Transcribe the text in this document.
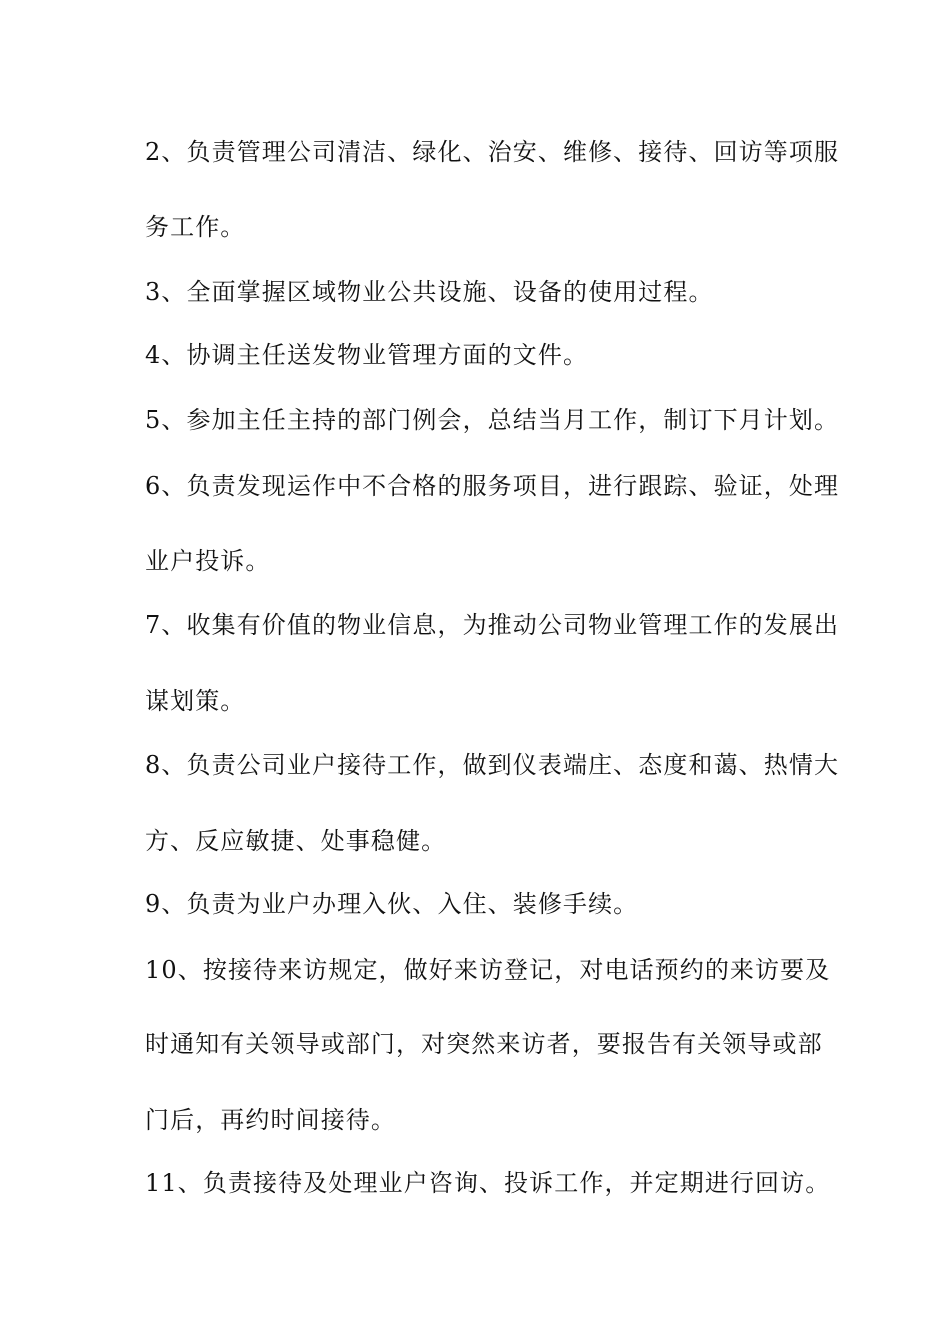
2、负责管理公司清洁、绿化、治安、维修、接待、回访等项服
务工作。
3、全面掌握区域物业公共设施、设备的使用过程。
4、协调主任送发物业管理方面的文件。
5、参加主任主持的部门例会，总结当月工作，制订下月计划。
6、负责发现运作中不合格的服务项目，进行跟踪、验证，处理
业户投诉。
7、收集有价值的物业信息，为推动公司物业管理工作的发展出
谋划策。
8、负责公司业户接待工作，做到仪表端庄、态度和蔼、热情大
方、反应敏捷、处事稳健。
9、负责为业户办理入伙、入住、装修手续。
10、按接待来访规定，做好来访登记，对电话预约的来访要及
时通知有关领导或部门，对突然来访者，要报告有关领导或部
门后，再约时间接待。
11、负责接待及处理业户咨询、投诉工作，并定期进行回访。
